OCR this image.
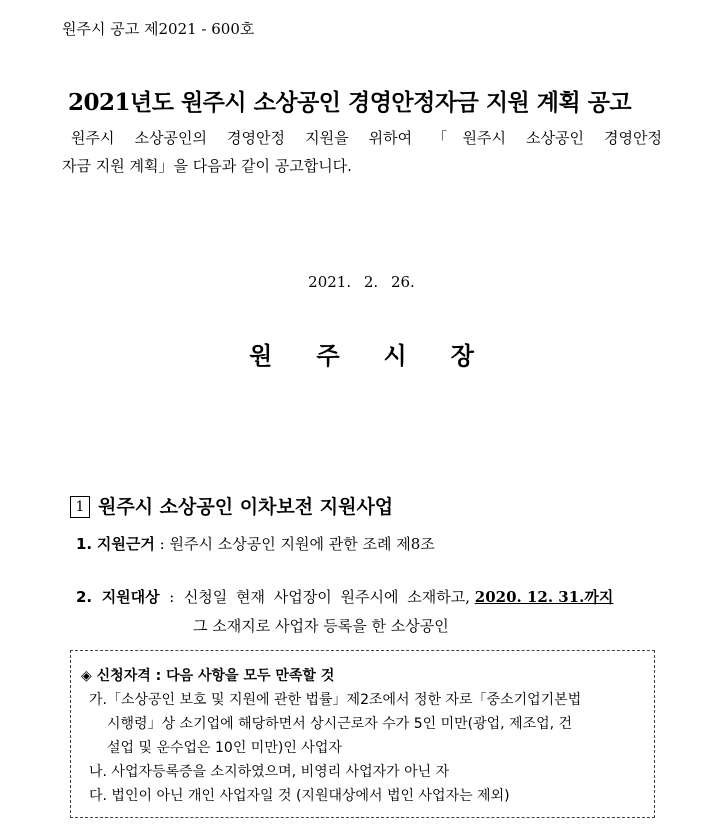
원주시 공고 제2021 - 600호
2021년도 원주시 소상공인 경영안정자금 지원 계획 공고
원주시 소상공인의 경영안정 지원을 위하여 「원주시 소상공인 경영안정
자금 지원 계획」을 다음과 같이 공고합니다.
2021. 2. 26.
원 주 시 장
1 원주시 소상공인 이차보전 지원사업
1. 지원근거 : 원주시 소상공인 지원에 관한 조례 제8조
2. 지원대상 : 신청일 현재 사업장이 원주시에 소재하고, 2020. 12. 31.까지
그 소재지로 사업자 등록을 한 소상공인
◈ 신청자격 : 다음 사항을 모두 만족할 것
가.「소상공인 보호 및 지원에 관한 법률」제2조에서 정한 자로「중소기업기본법
시행령」상 소기업에 해당하면서 상시근로자 수가 5인 미만(광업, 제조업, 건
설업 및 운수업은 10인 미만)인 사업자
나. 사업자등록증을 소지하였으며, 비영리 사업자가 아닌 자
다. 법인이 아닌 개인 사업자일 것 (지원대상에서 법인 사업자는 제외)
